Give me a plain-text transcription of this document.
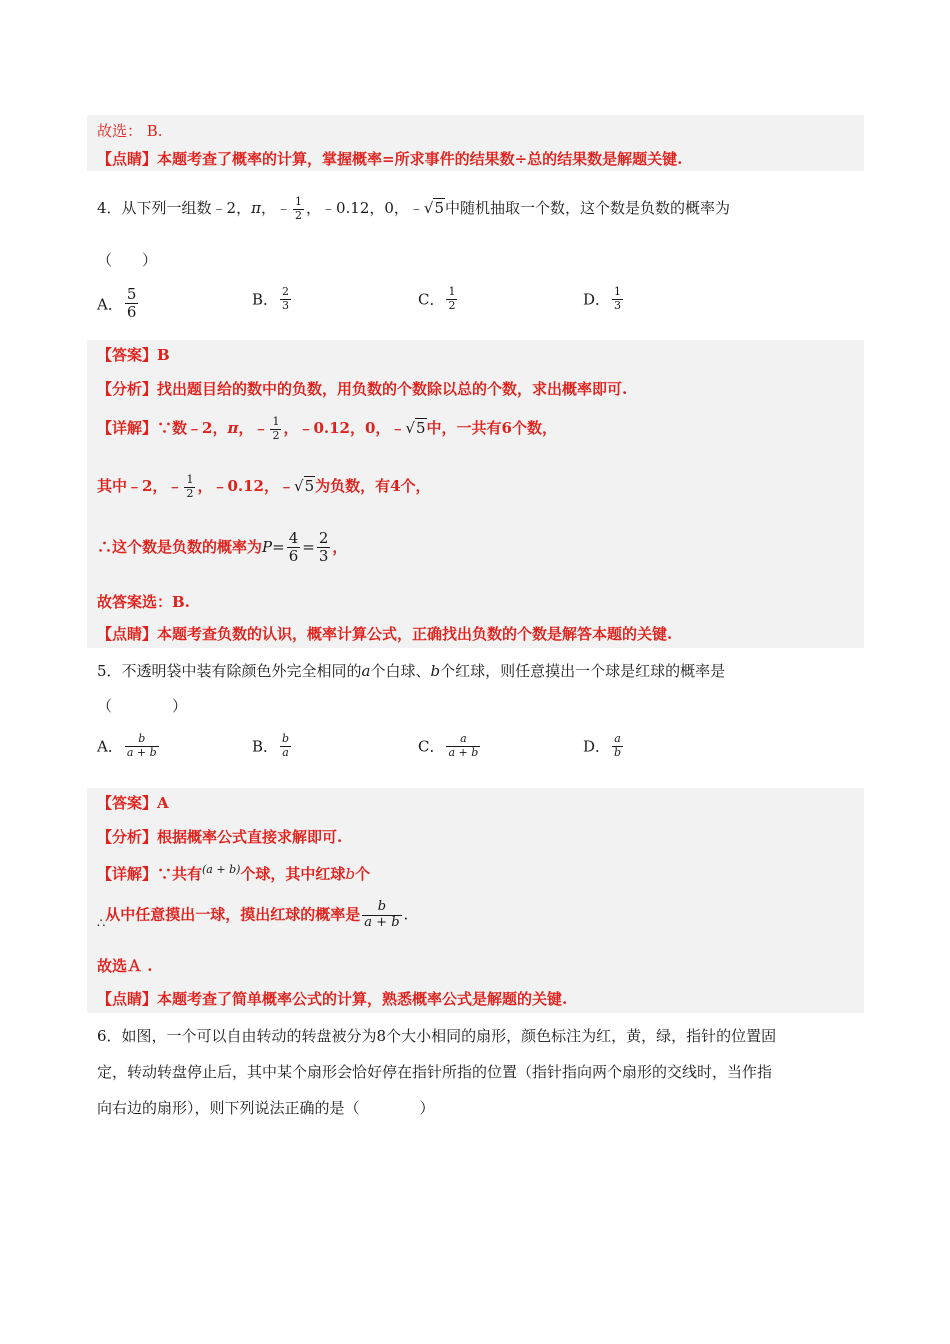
故选： B.
【点睛】本题考查了概率的计算，掌握概率=所求事件的结果数÷总的结果数是解题关键.
4．从下列一组数﹣2，π，﹣ $\frac{1}{2}$ ，﹣0.12，0，﹣√5中随机抽取一个数，这个数是负数的概率为
（　　）
A． $\frac{5}{6}$	B． $\frac{2}{3}$	C． $\frac{1}{2}$	D． $\frac{1}{3}$
【答案】B
【分析】找出题目给的数中的负数，用负数的个数除以总的个数，求出概率即可.
【详解】∵数﹣2，π，﹣ $\frac{1}{2}$ ，﹣0.12，0，﹣√5中，一共有6个数，
其中﹣2，﹣ $\frac{1}{2}$ ，﹣0.12，﹣√5为负数，有4个，
∴这个数是负数的概率为$P= \frac{4}{6} = \frac{2}{3}$ ，
故答案选：B.
【点睛】本题考查负数的认识，概率计算公式，正确找出负数的个数是解答本题的关键.
5．不透明袋中装有除颜色外完全相同的a个白球、b个红球，则任意摸出一个球是红球的概率是
（　　　　）
A． $\frac{b}{a + b}$	B． $\frac{b}{a}$	C． $\frac{a}{a + b}$	D． $\frac{a}{b}$
【答案】A
【分析】根据概率公式直接求解即可.
【详解】∵共有$^{(a + b)}$个球，其中红球b个
∴从中任意摸出一球，摸出红球的概率是 $\frac{b}{a + b}$ .
故选Ａ .
【点睛】本题考查了简单概率公式的计算，熟悉概率公式是解题的关键.
6．如图，一个可以自由转动的转盘被分为8个大小相同的扇形，颜色标注为红，黄，绿，指针的位置固
定，转动转盘停止后，其中某个扇形会恰好停在指针所指的位置（指针指向两个扇形的交线时，当作指
向右边的扇形），则下列说法正确的是（　　　　）
